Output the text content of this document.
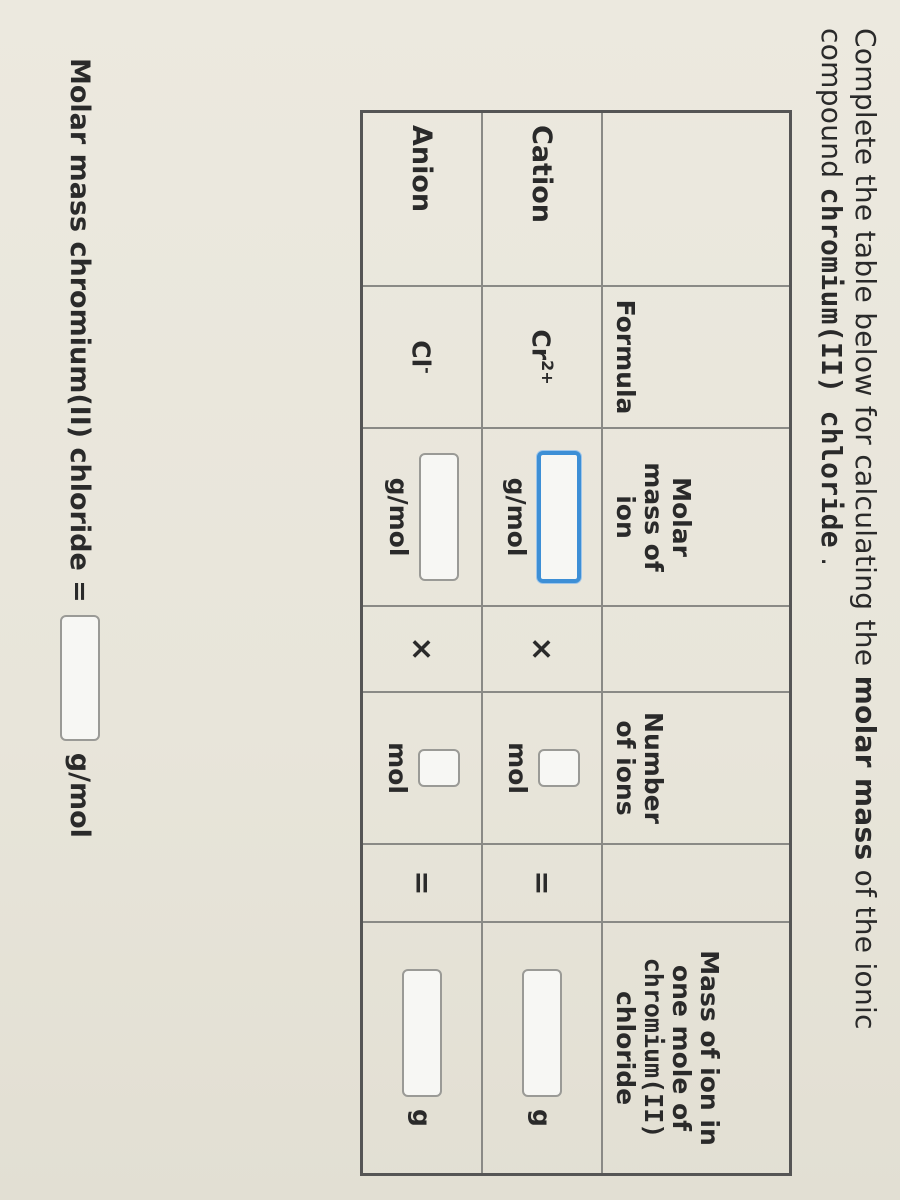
Complete the table below for calculating the molar mass of the ionic compound chromium(II) chloride .
	Formula	Molar
mass of
ion		Number
of ions		Mass of ion in
one mole of
chromium(II)
chloride
Cation	$Cr^{2+}$	g/mol	×	mol	=	g

Anion	Cl-	g/mol	×	mol	=	g
Molar mass chromium(II) chloride =
g/mol
